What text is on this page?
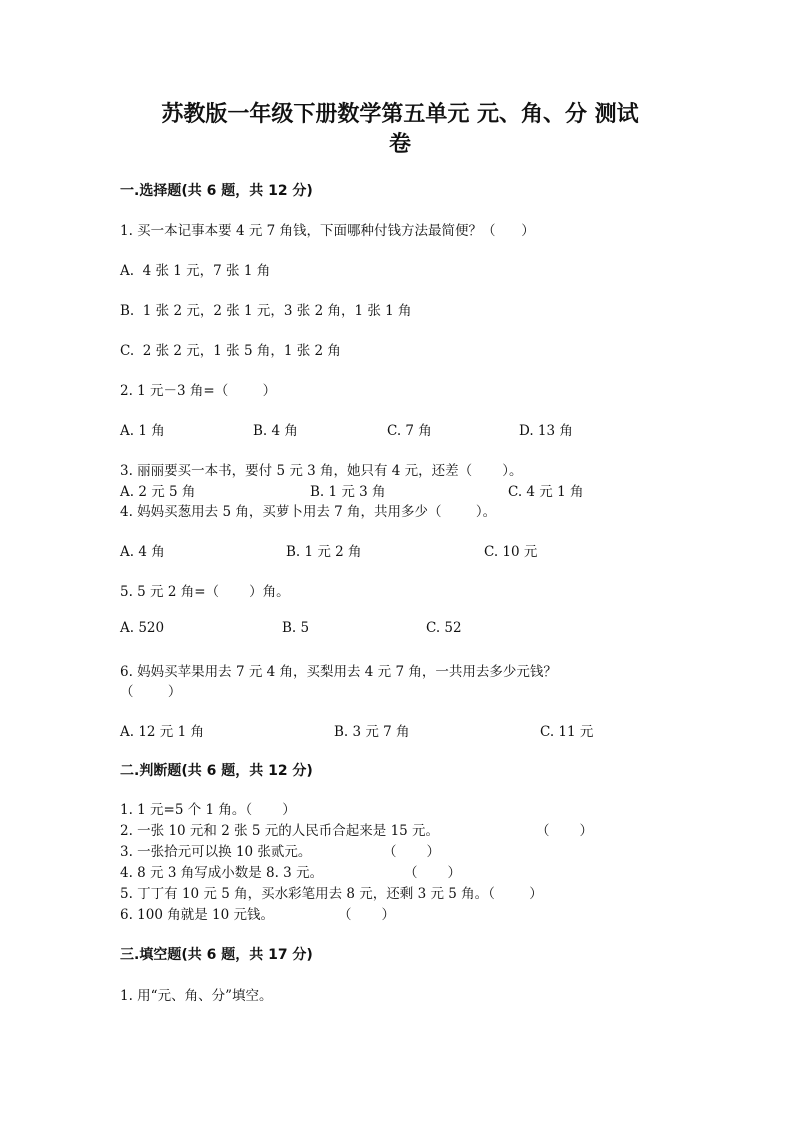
苏教版一年级下册数学第五单元 元、角、分 测试
卷
一.选择题(共 6 题，共 12 分)
1. 买一本记事本要 4 元 7 角钱，下面哪种付钱方法最简便？（      ）
A.  4 张 1 元，7 张 1 角
B.  1 张 2 元，2 张 1 元，3 张 2 角，1 张 1 角
C.  2 张 2 元，1 张 5 角，1 张 2 角
2. 1 元－3 角=（        ）
A. 1 角	B. 4 角	C. 7 角	D. 13 角
3. 丽丽要买一本书，要付 5 元 3 角，她只有 4 元，还差（       ）。
A. 2 元 5 角	B. 1 元 3 角	C. 4 元 1 角
4. 妈妈买葱用去 5 角，买萝卜用去 7 角，共用多少（        ）。
A. 4 角	B. 1 元 2 角	C. 10 元
5. 5 元 2 角=（       ）角。
A. 520	B. 5	C. 52
6. 妈妈买苹果用去 7 元 4 角，买梨用去 4 元 7 角，一共用去多少元钱？
（        ）
A. 12 元 1 角	B. 3 元 7 角	C. 11 元
二.判断题(共 6 题，共 12 分)
1. 1 元=5 个 1 角。（       ）
2. 一张 10 元和 2 张 5 元的人民币合起来是 15 元。	（       ）
3. 一张拾元可以换 10 张贰元。	（       ）
4. 8 元 3 角写成小数是 8. 3 元。	（       ）
5. 丁丁有 10 元 5 角，买水彩笔用去 8 元，还剩 3 元 5 角。（        ）
6. 100 角就是 10 元钱。	（       ）
三.填空题(共 6 题，共 17 分)
1. 用“元、角、分”填空。
